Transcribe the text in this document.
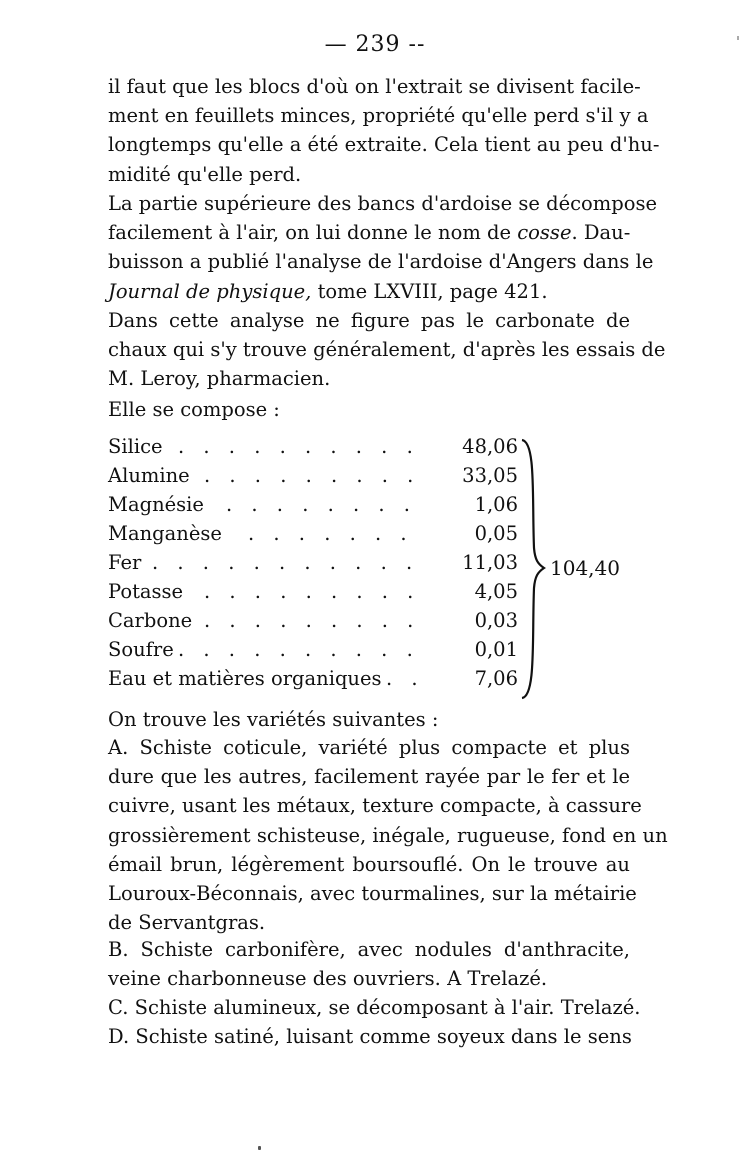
— 239 --
il faut que les blocs d'où on l'extrait se divisent facile-
ment en feuillets minces, propriété qu'elle perd s'il y a
longtemps qu'elle a été extraite. Cela tient au peu d'hu-
midité qu'elle perd.
La partie supérieure des bancs d'ardoise se décompose
facilement à l'air, on lui donne le nom de cosse. Dau-
buisson a publié l'analyse de l'ardoise d'Angers dans le
Journal de physique, tome LXVIII, page 421.
Dans cette analyse ne figure pas le carbonate de
chaux qui s'y trouve généralement, d'après les essais de
M. Leroy, pharmacien.
Elle se compose :
Silice . . . . . . . . . . 48,06
Alumine . . . . . . . . . 33,05
Magnésie . . . . . . . .	1,06
Manganèse . . . . . . .	0,05
Fer . . . . . . . . . . . 11,03
Potasse . . . . . . . . .	4,05
Carbone . . . . . . . . .	0,03
Soufre . . . . . . . . . .	0,01
Eau et matières organiques . .	7,06
104,40
On trouve les variétés suivantes :
A. Schiste coticule, variété plus compacte et plus
dure que les autres, facilement rayée par le fer et le
cuivre, usant les métaux, texture compacte, à cassure
grossièrement schisteuse, inégale, rugueuse, fond en un
émail brun, légèrement boursouflé. On le trouve au
Louroux-Béconnais, avec tourmalines, sur la métairie
de Servantgras.
B. Schiste carbonifère, avec nodules d'anthracite,
veine charbonneuse des ouvriers. A Trelazé.
C. Schiste alumineux, se décomposant à l'air. Trelazé.
D. Schiste satiné, luisant comme soyeux dans le sens
